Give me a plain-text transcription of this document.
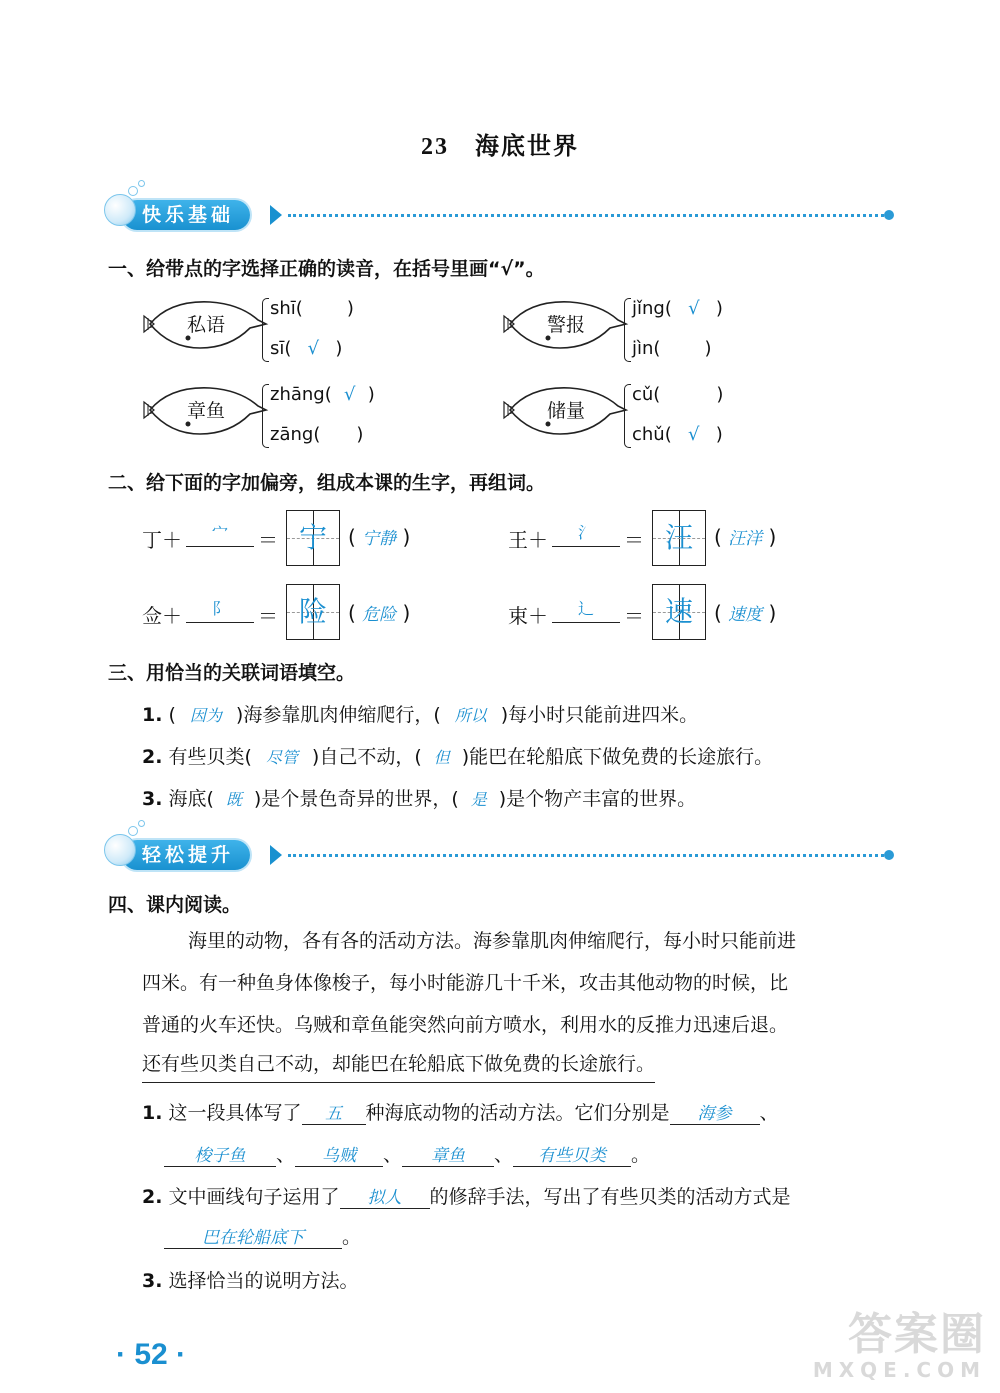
23 海底世界
快乐基础
一、给带点的字选择正确的读音，在括号里画“√”。
私语
shī( )
sī( √ )
警报
jǐng( √ )
jìn( )
章鱼
zhāng( √ )
zāng( )
储量
cǔ(	)
chǔ( √ )
二、给下面的字加偏旁，组成本课的生字，再组词。
丁＋	宀	＝ 宁	( 宁静 )	王＋	氵	＝ 汪	( 汪洋 )
佥＋	阝	＝ 险	( 危险 )	束＋	辶	＝ 速	( 速度 )
三、用恰当的关联词语填空。
1. ( 因为 )海参靠肌肉伸缩爬行，( 所以 )每小时只能前进四米。
2. 有些贝类( 尽管 )自己不动，( 但 )能巴在轮船底下做免费的长途旅行。
3. 海底( 既 )是个景色奇异的世界，( 是 )是个物产丰富的世界。
轻松提升
四、课内阅读。
海里的动物，各有各的活动方法。海参靠肌肉伸缩爬行，每小时只能前进
四米。有一种鱼身体像梭子，每小时能游几十千米，攻击其他动物的时候，比
普通的火车还快。乌贼和章鱼能突然向前方喷水，利用水的反推力迅速后退。
还有些贝类自己不动，却能巴在轮船底下做免费的长途旅行。
1. 这一段具体写了 五 种海底动物的活动方法。它们分别是 海参 、
梭子鱼 、 乌贼 、 章鱼 、 有些贝类 。
2. 文中画线句子运用了 拟人 的修辞手法，写出了有些贝类的活动方式是
巴在轮船底下 。
3. 选择恰当的说明方法。
· 52 ·	答案圈
MXQE.COM
